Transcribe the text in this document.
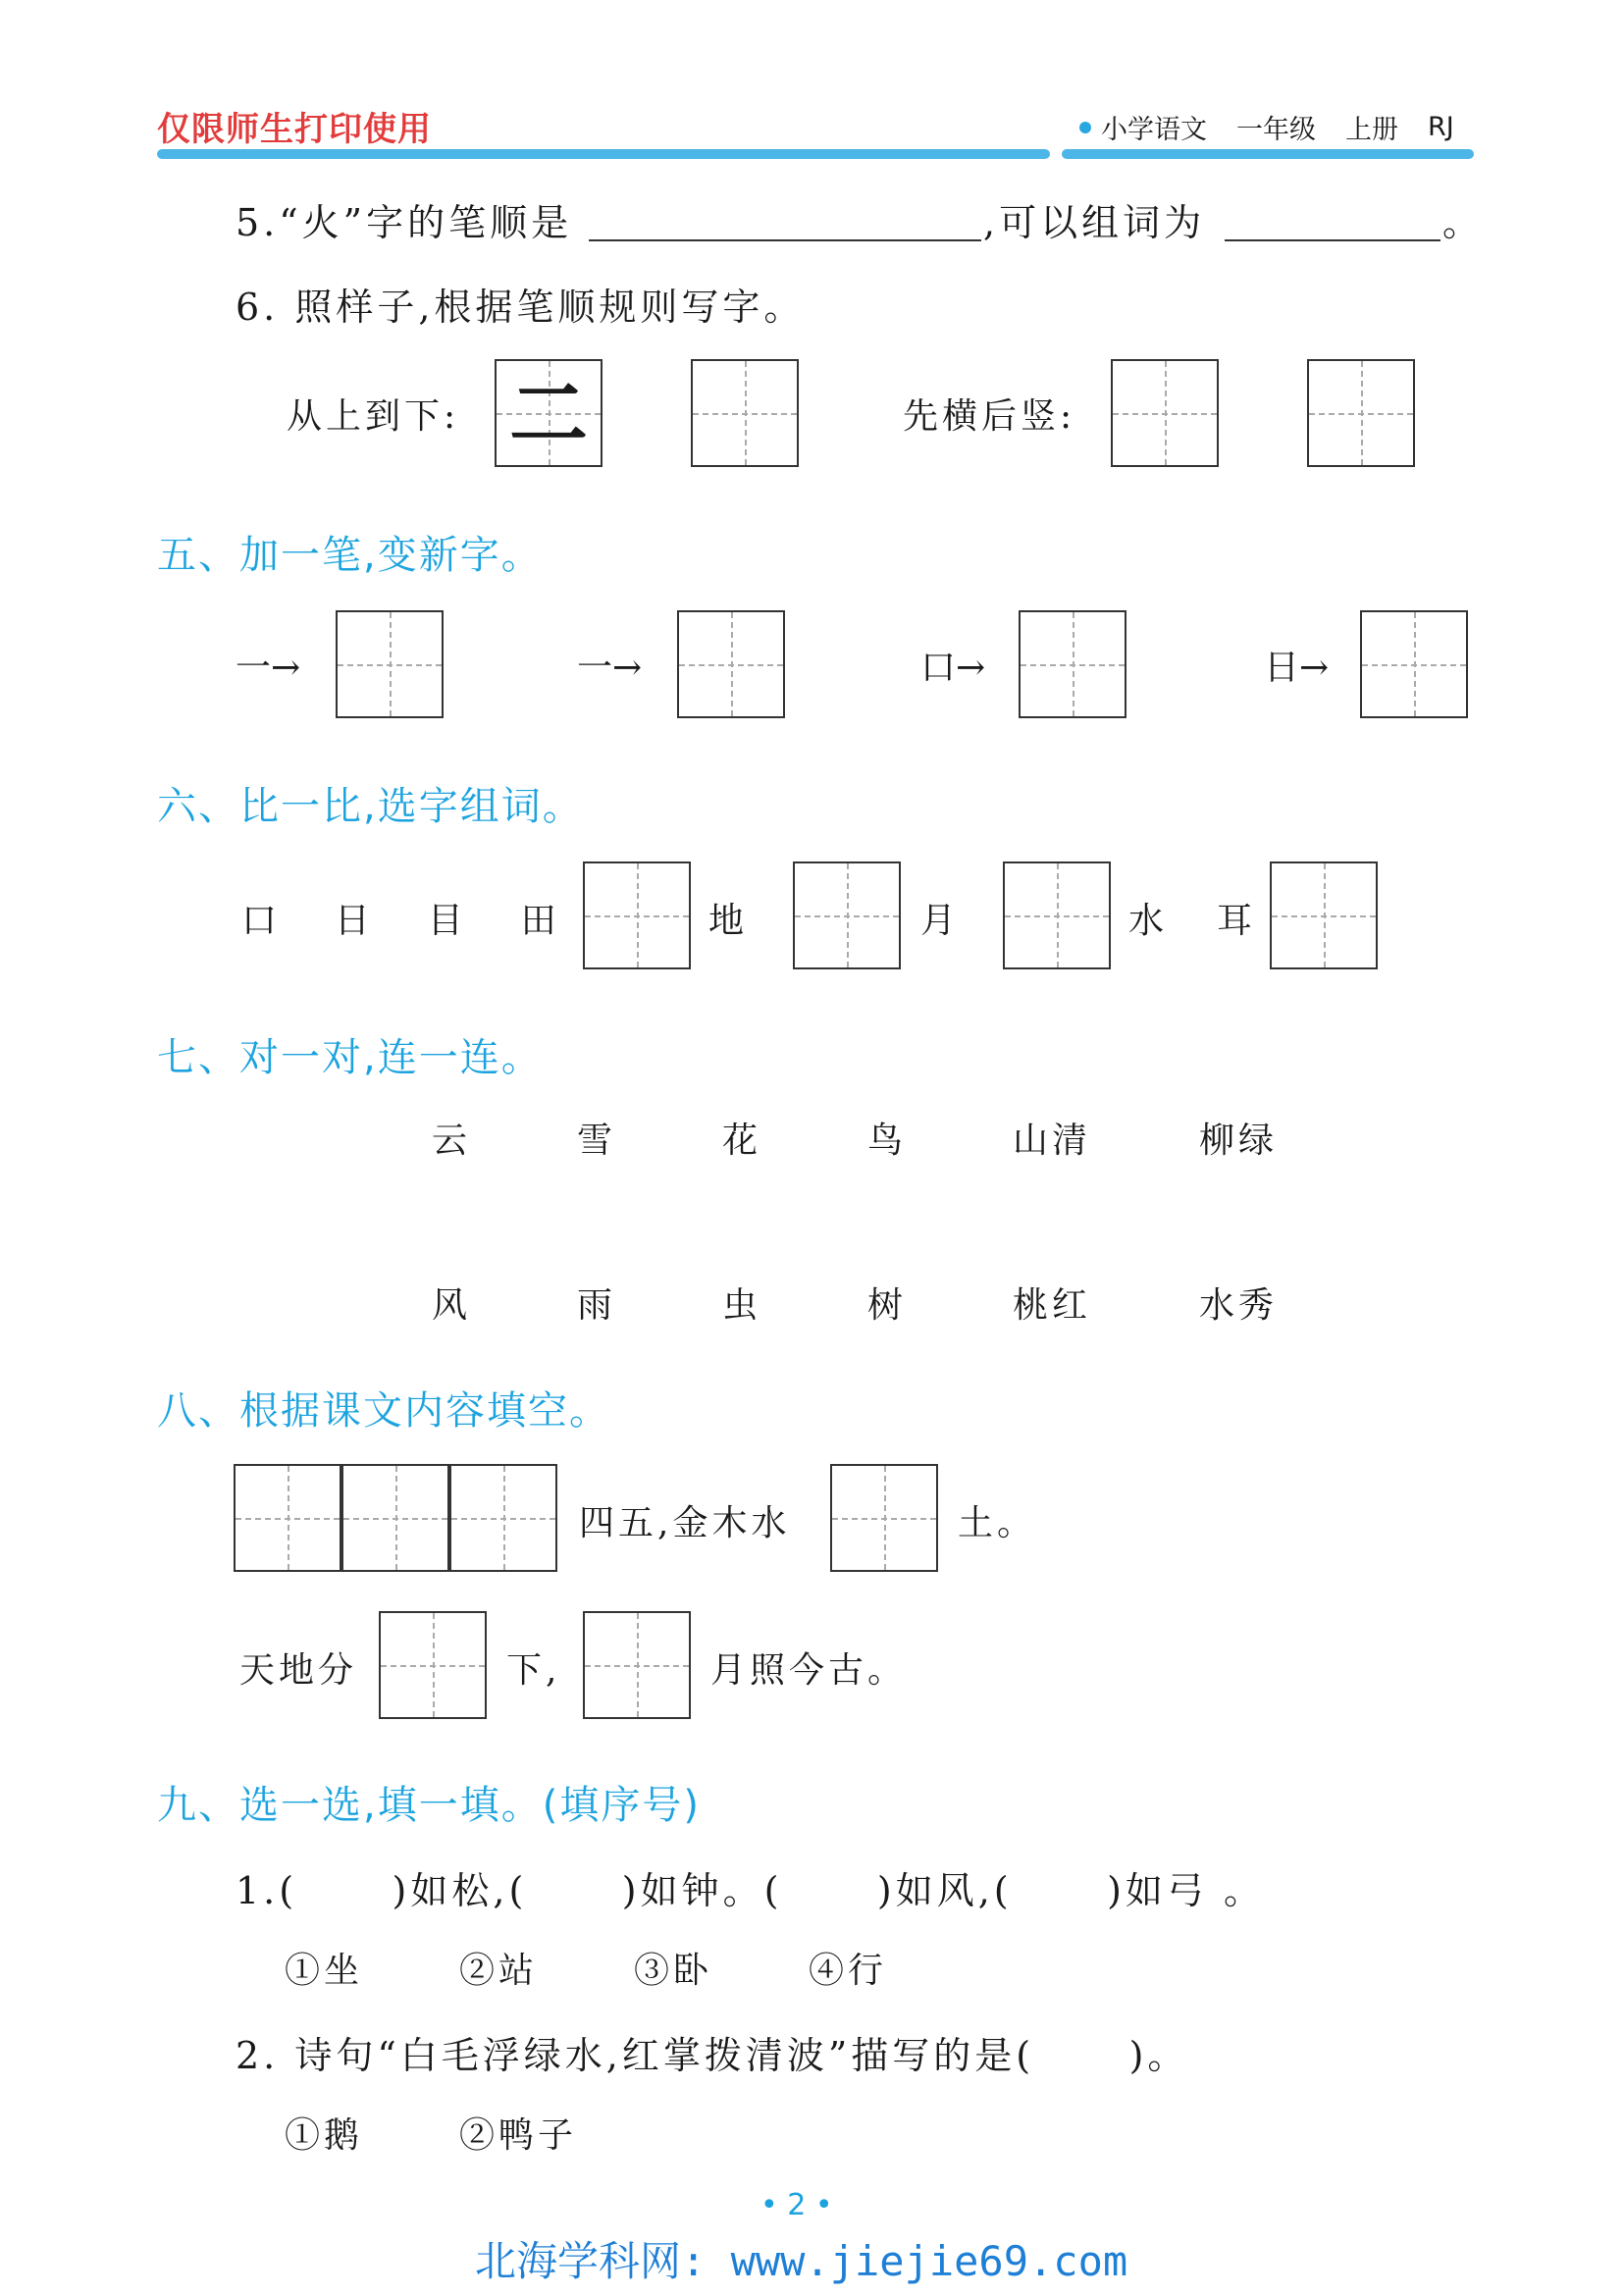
仅限师生打印使用	小学语文 一年级 上册 RJ
5.“火”字的笔顺是	,可以组词为	。
6. 照样子,根据笔顺规则写字。
从上到下: 二	先横后竖:
五、加一笔,变新字。
一→	一→	口→	日→
六、比一比,选字组词。
口  日  目  田	地	月	水 耳
七、对一对,连一连。
云	雪	花	鸟	山清	柳绿
风	雨	虫	树	桃红	水秀
八、根据课文内容填空。
四五,金木水	土。
天地分	下,	月照今古。
九、选一选,填一填。(填序号)
1.(      )如松,(      )如钟。(      )如风,(      )如弓 。
①坐	②站	③卧	④行
2. 诗句“白毛浮绿水,红掌拨清波”描写的是(      )。
①鹅	②鸭子
• 2 •
北海学科网: www.jiejie69.com
